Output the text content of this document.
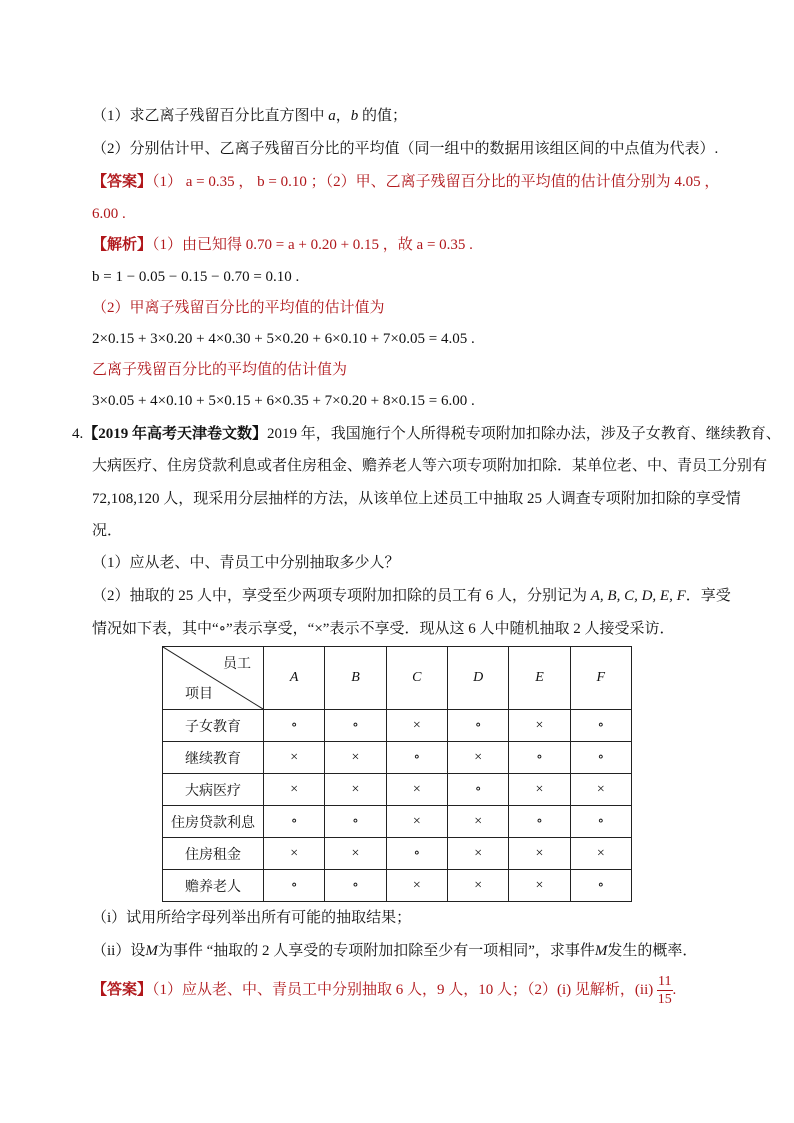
（1）求乙离子残留百分比直方图中 a，b 的值；
（2）分别估计甲、乙离子残留百分比的平均值（同一组中的数据用该组区间的中点值为代表）.
【答案】（1） a = 0.35 ， b = 0.10 ；（2）甲、乙离子残留百分比的平均值的估计值分别为 4.05 ，
6.00 .
【解析】（1）由已知得 0.70 = a + 0.20 + 0.15 ，故 a = 0.35 .
b = 1 − 0.05 − 0.15 − 0.70 = 0.10 .
（2）甲离子残留百分比的平均值的估计值为
2×0.15 + 3×0.20 + 4×0.30 + 5×0.20 + 6×0.10 + 7×0.05 = 4.05 .
乙离子残留百分比的平均值的估计值为
3×0.05 + 4×0.10 + 5×0.15 + 6×0.35 + 7×0.20 + 8×0.15 = 6.00 .
4.【2019 年高考天津卷文数】2019 年，我国施行个人所得税专项附加扣除办法，涉及子女教育、继续教育、
大病医疗、住房贷款利息或者住房租金、赡养老人等六项专项附加扣除．某单位老、中、青员工分别有
72,108,120 人，现采用分层抽样的方法，从该单位上述员工中抽取 25 人调查专项附加扣除的享受情
况．
（1）应从老、中、青员工中分别抽取多少人？
（2）抽取的 25 人中，享受至少两项专项附加扣除的员工有 6 人，分别记为 A, B, C, D, E, F．享受
情况如下表，其中“∘”表示享受，“×”表示不享受．现从这 6 人中随机抽取 2 人接受采访．
员工
项目	A	B	C	D	E	F
子女教育	∘	∘	×	∘	×	∘
继续教育	×	×	∘	×	∘	∘
大病医疗	×	×	×	∘	×	×
住房贷款利息	∘	∘	×	×	∘	∘
住房租金	×	×	∘	×	×	×
赡养老人	∘	∘	×	×	×	∘
（i）试用所给字母列举出所有可能的抽取结果；
（ii）设M为事件 “抽取的 2 人享受的专项附加扣除至少有一项相同”，求事件M发生的概率．
【答案】（1）应从老、中、青员工中分别抽取 6 人，9 人，10 人；（2）(i) 见解析，$(ii) \frac{11}{15}$ .
